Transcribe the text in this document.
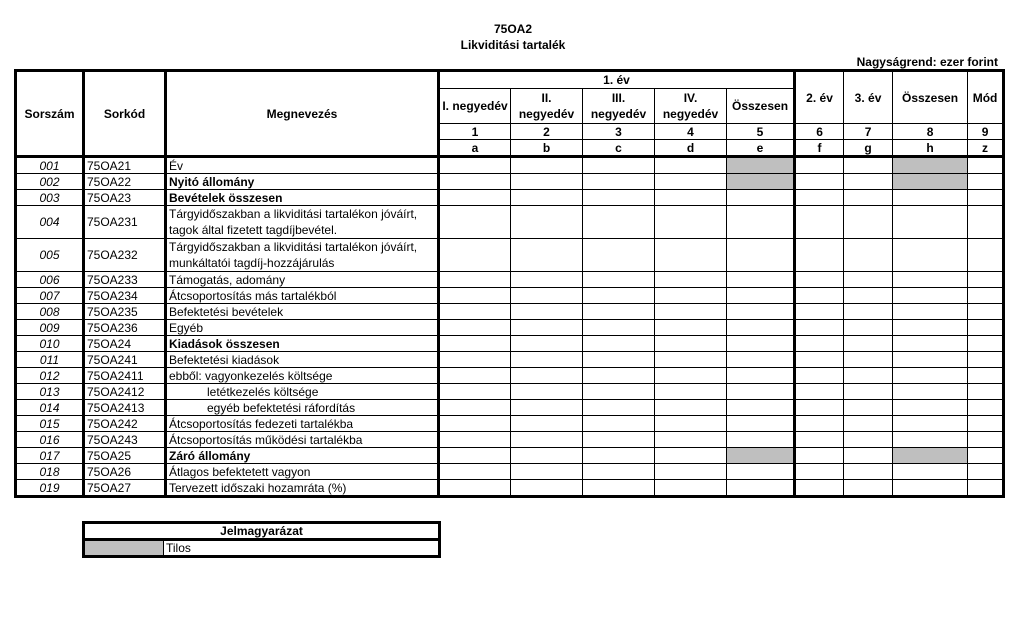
75OA2
Likviditási tartalék
Nagyságrend: ezer forint
Sorszám	Sorkód	Megnevezés	1. év					2. év	3. év	Összesen	Mód
			I. negyedév	II. negyedév	III. negyedév	IV. negyedév	Összesen				
			1	2	3	4	5	6	7	8	9
			a	b	c	d	e	f	g	h	z
001	75OA21	Év									
002	75OA22	Nyitó állomány									
003	75OA23	Bevételek összesen									
004	75OA231	Tárgyidőszakban a likviditási tartalékon jóváírt, tagok által fizetett tagdíjbevétel.									
005	75OA232	Tárgyidőszakban a likviditási tartalékon jóváírt, munkáltatói tagdíj-hozzájárulás									
006	75OA233	Támogatás, adomány									
007	75OA234	Átcsoportosítás más tartalékból									
008	75OA235	Befektetési bevételek									
009	75OA236	Egyéb									
010	75OA24	Kiadások összesen									
011	75OA241	Befektetési kiadások									
012	75OA2411	ebből: vagyonkezelés költsége									
013	75OA2412	letétkezelés költsége									
014	75OA2413	egyéb befektetési ráfordítás									
015	75OA242	Átcsoportosítás fedezeti tartalékba									
016	75OA243	Átcsoportosítás működési tartalékba									
017	75OA25	Záró állomány									
018	75OA26	Átlagos befektetett vagyon									
019	75OA27	Tervezett időszaki hozamráta (%)									
Jelmagyarázat
	Tilos
